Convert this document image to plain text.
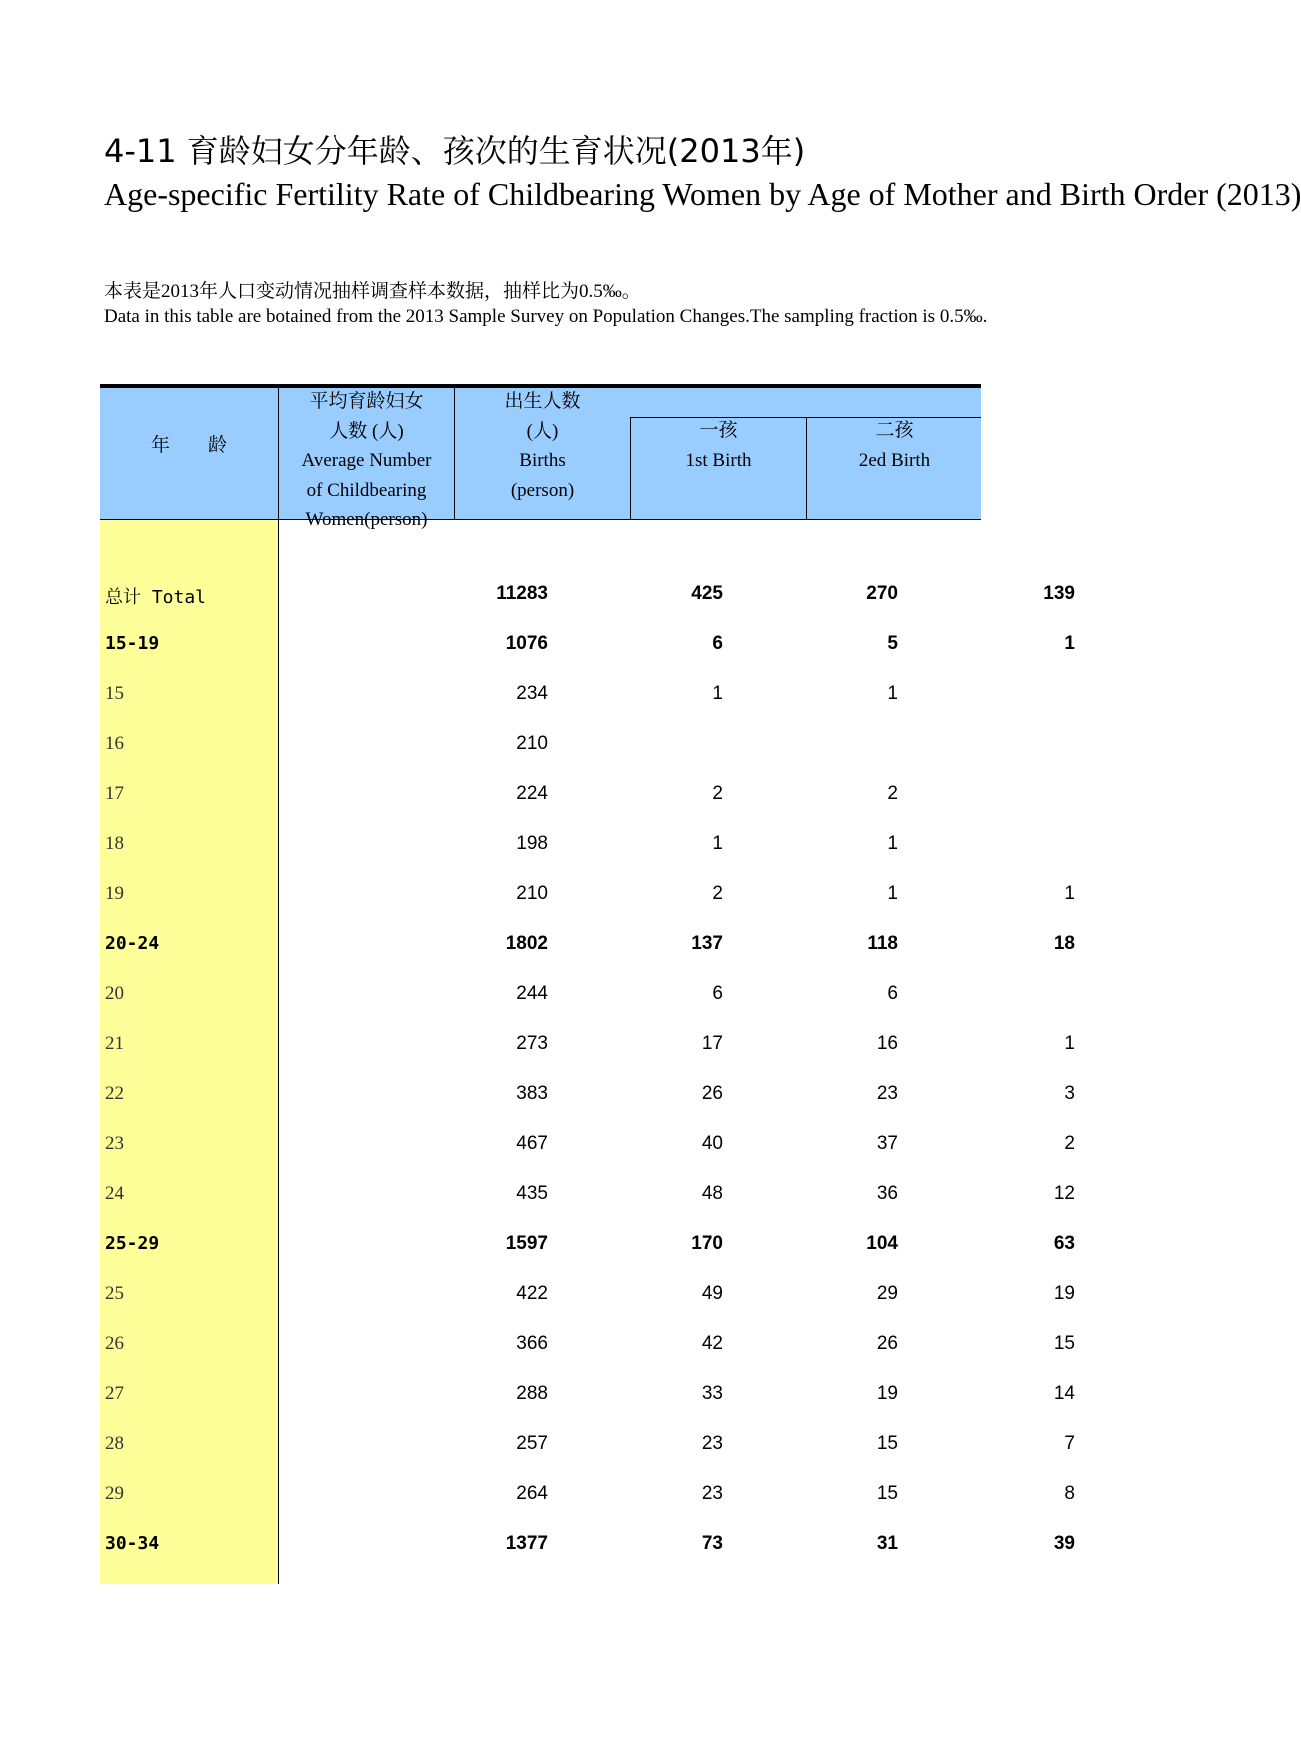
4-11 育龄妇女分年龄、孩次的生育状况(2013年)
Age-specific Fertility Rate of Childbearing Women by Age of Mother and Birth Order (2013)
本表是2013年人口变动情况抽样调查样本数据，抽样比为0.5‰。
Data in this table are botained from the 2013 Sample Survey on Population Changes.The sampling fraction is 0.5‰.
年　　龄
平均育龄妇女
人数 (人)
Average Number
of Childbearing
Women(person)
出生人数
(人)
Births
(person)
一孩
1st Birth
二孩
2ed Birth
总计 Total	11283	425	270	139
15-19	1076	6	5	1
15	234	1	1
16	210
17	224	2	2
18	198	1	1
19	210	2	1	1
20-24	1802	137	118	18
20	244	6	6
21	273	17	16	1
22	383	26	23	3
23	467	40	37	2
24	435	48	36	12
25-29	1597	170	104	63
25	422	49	29	19
26	366	42	26	15
27	288	33	19	14
28	257	23	15	7
29	264	23	15	8
30-34	1377	73	31	39
